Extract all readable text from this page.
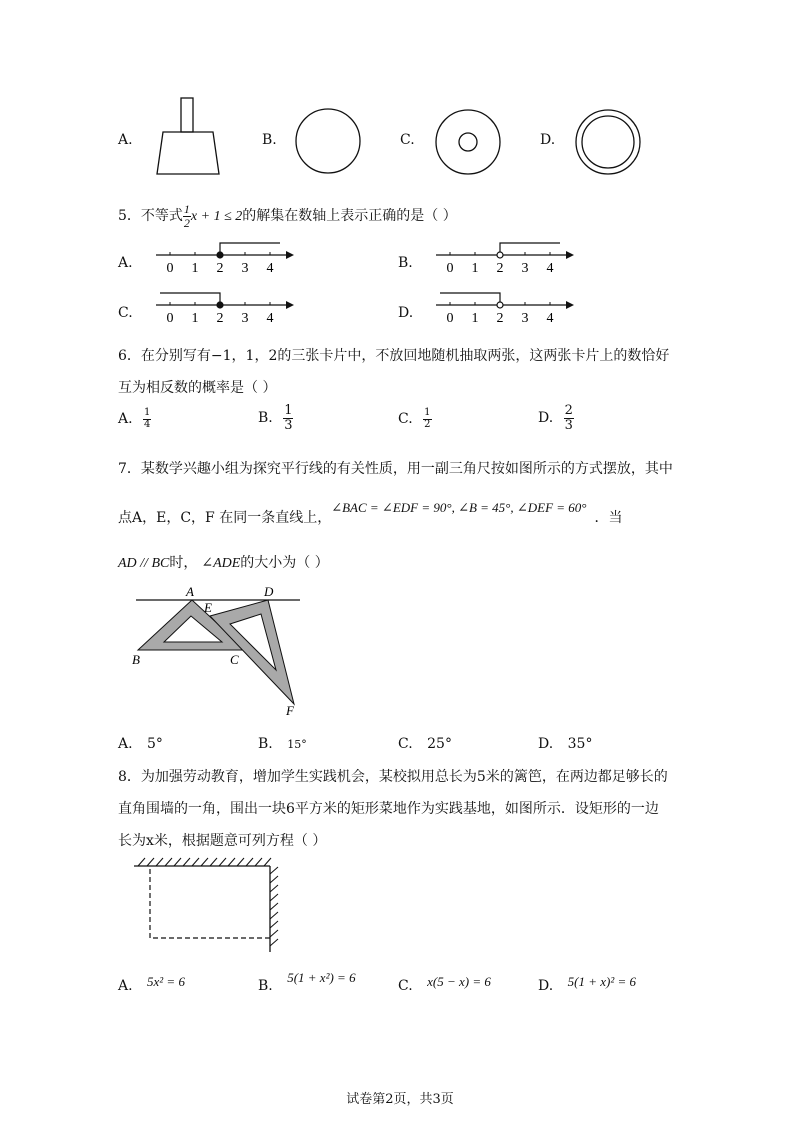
A.	B.	C.	D.
5．不等式 $\frac{1}{2}$ x + 1 ≤ 2的解集在数轴上表示正确的是（ ）
A. 0 1 2 3 4	B. 0 1 2 3 4
C. 0 1 2 3 4	D. 0 1 2 3 4
6．在分别写有−1，1，2的三张卡片中，不放回地随机抽取两张，这两张卡片上的数恰好
互为相反数的概率是（ ）
A. $\frac{1}{4}$	B. $\frac{1}{3}$	C. $\frac{1}{2}$	D. $\frac{2}{3}$
7．某数学兴趣小组为探究平行线的有关性质，用一副三角尺按如图所示的方式摆放，其中
点A，E，C，F 在同一条直线上，∠BAC = ∠EDF = 90°, ∠B = 45°, ∠DEF = 60°．当
AD // BC时， ∠ADE的大小为（ ）
A
E
D
B	C
F
A. 5°	B. 15°	C. 25°	D. 35°
8．为加强劳动教育，增加学生实践机会，某校拟用总长为5米的篱笆，在两边都足够长的
直角围墙的一角，围出一块6平方米的矩形菜地作为实践基地，如图所示．设矩形的一边
长为x米，根据题意可列方程（ ）
A. 5x² = 6	B. 5(1 + x²) = 6
C. x(5 − x) = 6	D. 5(1 + x)² = 6
试卷第2页，共3页
